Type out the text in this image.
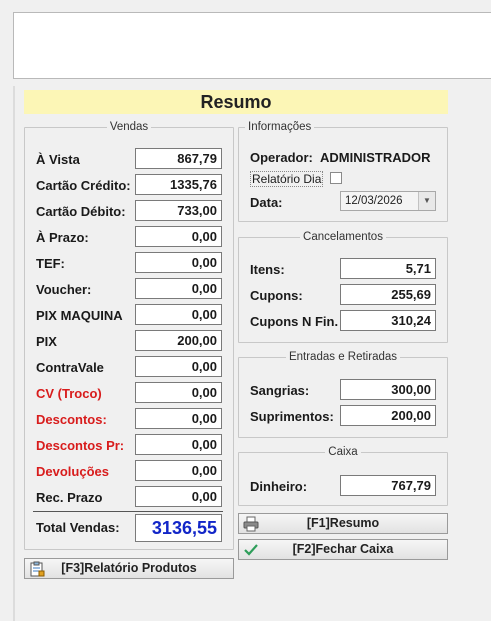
Resumo
Vendas
À Vista	867,79
Cartão Crédito:	1335,76
Cartão Débito:	733,00
À Prazo:	0,00
TEF:	0,00
Voucher:	0,00
PIX MAQUINA	0,00
PIX	200,00
ContraVale	0,00
CV (Troco)	0,00
Descontos:	0,00
Descontos Pr:	0,00
Devoluções	0,00
Rec. Prazo	0,00
Total Vendas:	3136,55
Informações
Operador: ADMINISTRADOR
Relatório Dia
Data:	12/03/2026	▼
Cancelamentos
Itens:	5,71
Cupons:	255,69
Cupons N Fin.	310,24
Entradas e Retiradas
Sangrias:	300,00
Suprimentos:	200,00
Caixa
Dinheiro:	767,79
[F1]Resumo
[F2]Fechar Caixa
[F3]Relatório Produtos
